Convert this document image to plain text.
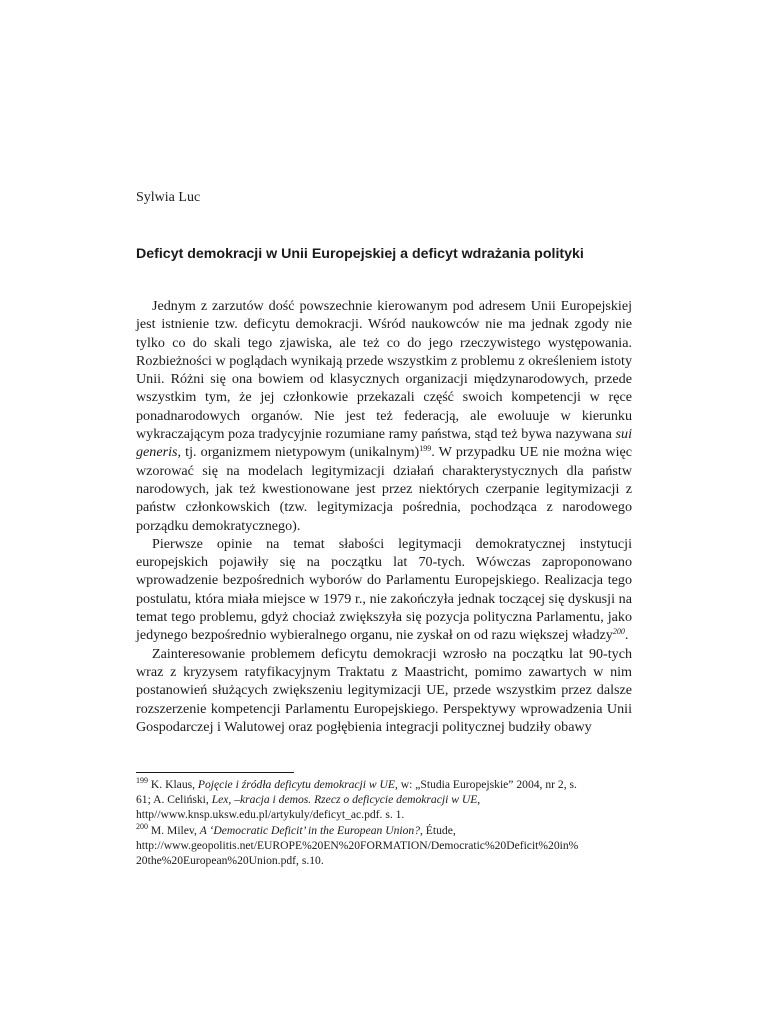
Sylwia Luc
Deficyt demokracji w Unii Europejskiej a deficyt wdrażania polityki

Jednym z zarzutów dość powszechnie kierowanym pod adresem Unii Europejskiej jest istnienie tzw. deficytu demokracji. Wśród naukowców nie ma jednak zgody nie tylko co do skali tego zjawiska, ale też co do jego rzeczywistego występowania. Rozbieżności w poglądach wynikają przede wszystkim z problemu z określeniem istoty Unii. Różni się ona bowiem od klasycznych organizacji międzynarodowych, przede wszystkim tym, że jej członkowie przekazali część swoich kompetencji w ręce ponadnarodowych organów. Nie jest też federacją, ale ewoluuje w kierunku wykraczającym poza tradycyjnie rozumiane ramy państwa, stąd też bywa nazywana sui generis, tj. organizmem nietypowym (unikalnym)$^{199}$. W przypadku UE nie można więc wzorować się na modelach legitymizacji działań charakterystycznych dla państw narodowych, jak też kwestionowane jest przez niektórych czerpanie legitymizacji z państw członkowskich (tzw. legitymizacja pośrednia, pochodząca z narodowego porządku demokratycznego).

Pierwsze opinie na temat słabości legitymacji demokratycznej instytucji europejskich pojawiły się na początku lat 70-tych. Wówczas zaproponowano wprowadzenie bezpośrednich wyborów do Parlamentu Europejskiego. Realizacja tego postulatu, która miała miejsce w 1979 r., nie zakończyła jednak toczącej się dyskusji na temat tego problemu, gdyż chociaż zwiększyła się pozycja polityczna Parlamentu, jako jedynego bezpośrednio wybieralnego organu, nie zyskał on od razu większej władzy$^{200}$.

Zainteresowanie problemem deficytu demokracji wzrosło na początku lat 90-tych wraz z kryzysem ratyfikacyjnym Traktatu z Maastricht, pomimo zawartych w nim postanowień służących zwiększeniu legitymizacji UE, przede wszystkim przez dalsze rozszerzenie kompetencji Parlamentu Europejskiego. Perspektywy wprowadzenia Unii Gospodarczej i Walutowej oraz pogłębienia integracji politycznej budziły obawy

$^{199}$ K. Klaus, Pojęcie i źródła deficytu demokracji w UE, w: „Studia Europejskie” 2004, nr 2, s.
61; A. Celiński, Lex, –kracja i demos. Rzecz o deficycie demokracji w UE,
http//www.knsp.uksw.edu.pl/artykuly/deficyt_ac.pdf. s. 1.
$^{200}$ M. Milev, A ‘Democratic Deficit’ in the European Union?, Étude,
http://www.geopolitis.net/EUROPE%20EN%20FORMATION/Democratic%20Deficit%20in%
20the%20European%20Union.pdf, s.10.
